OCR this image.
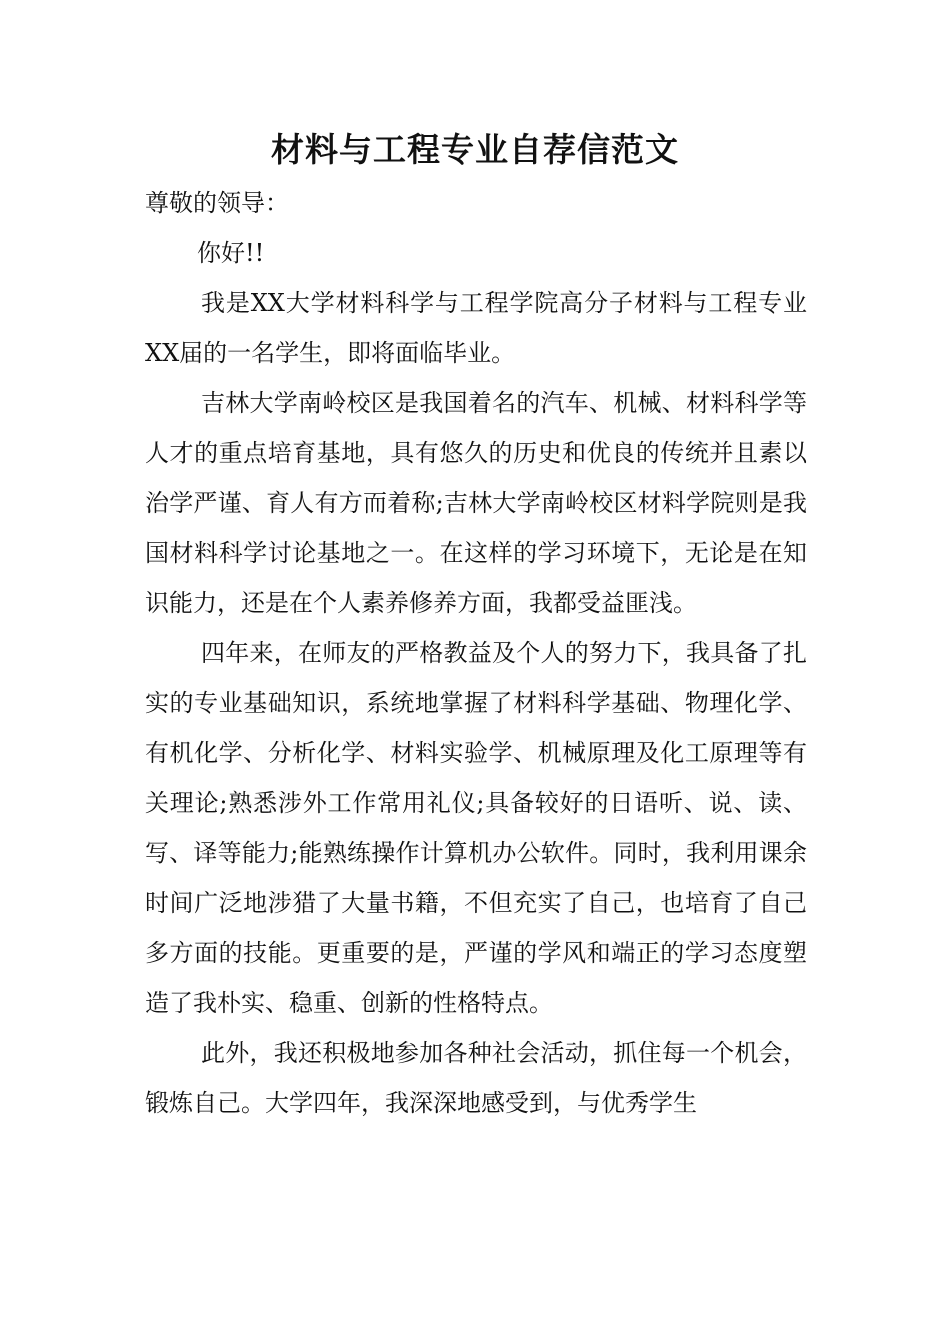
材料与工程专业自荐信范文

尊敬的领导：

你好!!

我是XX大学材料科学与工程学院高分子材料与工程专业XX届的一名学生，即将面临毕业。

吉林大学南岭校区是我国着名的汽车、机械、材料科学等人才的重点培育基地，具有悠久的历史和优良的传统并且素以治学严谨、育人有方而着称;吉林大学南岭校区材料学院则是我国材料科学讨论基地之一。在这样的学习环境下，无论是在知识能力，还是在个人素养修养方面，我都受益匪浅。

四年来，在师友的严格教益及个人的努力下，我具备了扎实的专业基础知识，系统地掌握了材料科学基础、物理化学、有机化学、分析化学、材料实验学、机械原理及化工原理等有关理论;熟悉涉外工作常用礼仪;具备较好的日语听、说、读、写、译等能力;能熟练操作计算机办公软件。同时，我利用课余时间广泛地涉猎了大量书籍，不但充实了自己，也培育了自己多方面的技能。更重要的是，严谨的学风和端正的学习态度塑造了我朴实、稳重、创新的性格特点。

此外，我还积极地参加各种社会活动，抓住每一个机会，锻炼自己。大学四年，我深深地感受到，与优秀学生
